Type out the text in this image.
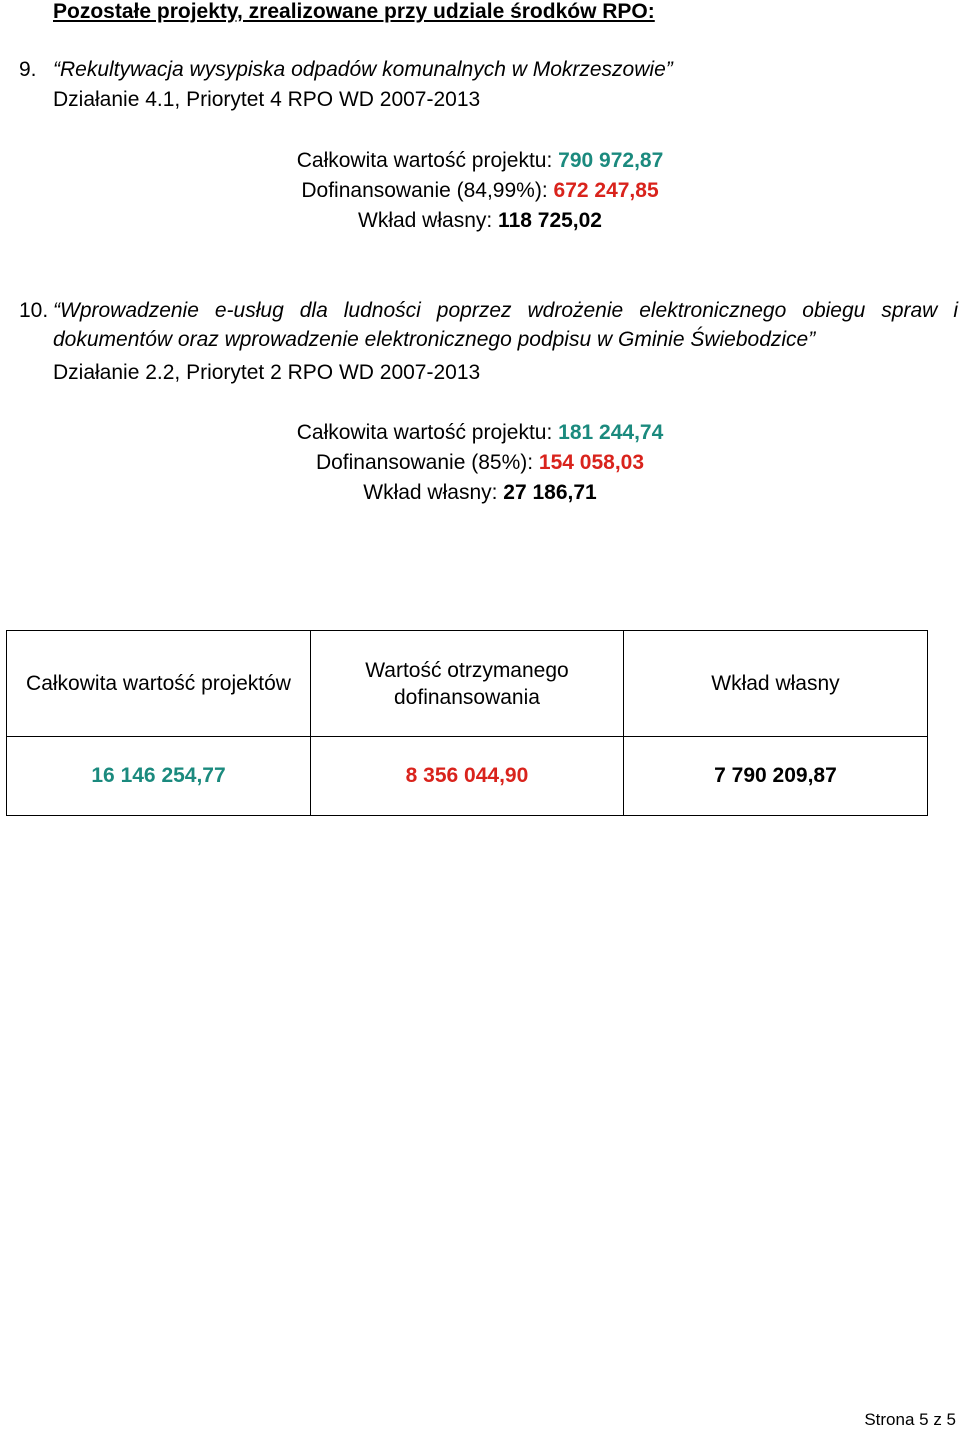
Pozostałe projekty, zrealizowane przy udziale środków RPO:
9. “Rekultywacja wysypiska odpadów komunalnych w Mokrzeszowie”
Działanie 4.1, Priorytet 4 RPO WD 2007-2013
Całkowita wartość projektu: 790 972,87
Dofinansowanie (84,99%): 672 247,85
Wkład własny: 118 725,02
10. “Wprowadzenie e-usług dla ludności poprzez wdrożenie elektronicznego obiegu spraw i dokumentów oraz wprowadzenie elektronicznego podpisu w Gminie Świebodzice”
Działanie 2.2, Priorytet 2 RPO WD 2007-2013
Całkowita wartość projektu: 181 244,74
Dofinansowanie (85%): 154 058,03
Wkład własny: 27 186,71
Całkowita wartość projektów	Wartość otrzymanego dofinansowania	Wkład własny
16 146 254,77	8 356 044,90	7 790 209,87
Strona 5 z 5
